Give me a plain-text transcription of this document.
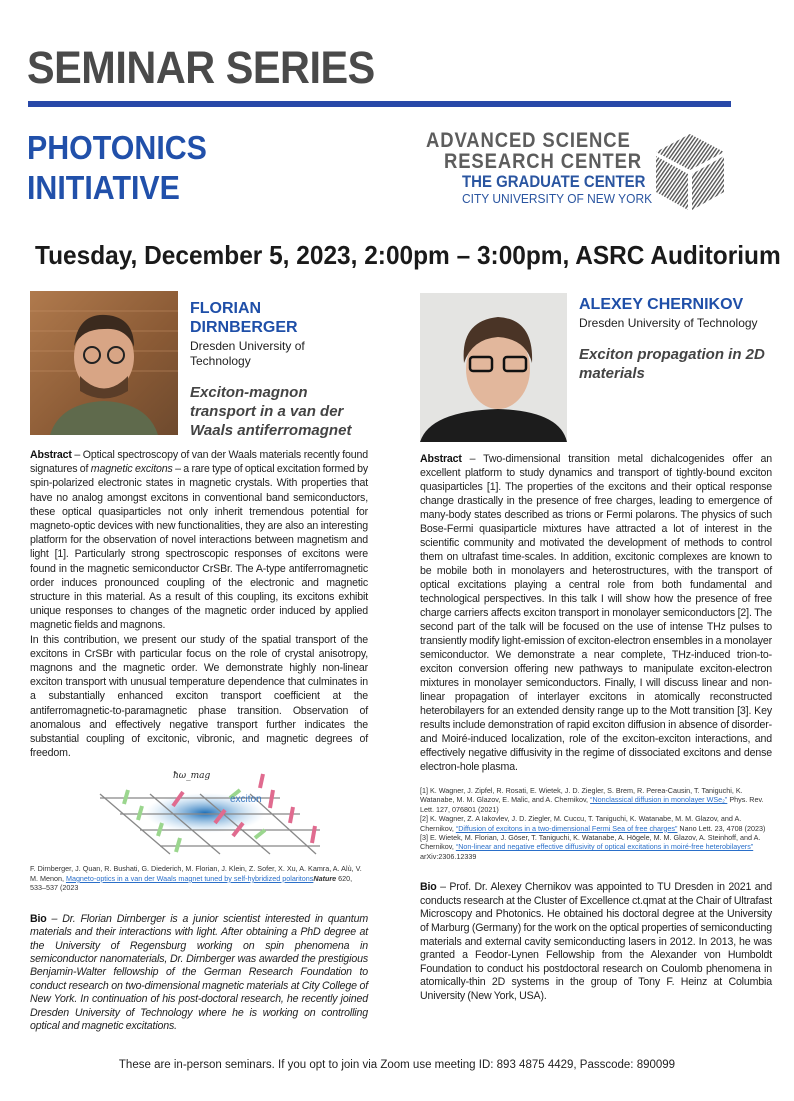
SEMINAR SERIES
PHOTONICS
INITIATIVE
ADVANCED SCIENCE
RESEARCH CENTER
THE GRADUATE CENTER
CITY UNIVERSITY OF NEW YORK
Tuesday, December 5, 2023, 2:00pm – 3:00pm, ASRC Auditorium
FLORIAN DIRNBERGER
Dresden University of Technology
Exciton-magnon transport in a van der Waals antiferromagnet
Abstract – Optical spectroscopy of van der Waals materials recently found signatures of magnetic excitons – a rare type of optical excitation formed by spin-polarized electronic states in magnetic crystals. With properties that have no analog amongst excitons in conventional band semiconductors, these optical quasiparticles not only inherit tremendous potential for magneto-optic devices with new functionalities, they are also an interesting platform for the observation of novel interactions between magnetism and light [1]. Particularly strong spectroscopic responses of excitons were found in the magnetic semiconductor CrSBr. The A-type antiferromagnetic order induces pronounced coupling of the electronic and magnetic structure in this material. As a result of this coupling, its excitons exhibit unique responses to changes of the magnetic order induced by applied magnetic fields and magnons.
In this contribution, we present our study of the spatial transport of the excitons in CrSBr with particular focus on the role of crystal anisotropy, magnons and the magnetic order. We demonstrate highly non-linear exciton transport with unusual temperature dependence that culminates in a substantially enhanced exciton transport coefficient at the antiferromagnetic-to-paramagnetic phase transition. Observation of anomalous and effectively negative transport further indicates the substantial coupling of excitonic, vibronic, and magnetic degrees of freedom.
ħω_mag
exciton
F. Dirnberger, J. Quan, R. Bushati, G. Diederich, M. Florian, J. Klein, Z. Sofer, X. Xu, A. Kamra, A. Alù, V. M. Menon, Magneto-optics in a van der Waals magnet tuned by self-hybridized polaritonsNature 620, 533–537 (2023
Bio – Dr. Florian Dirnberger is a junior scientist interested in quantum materials and their interactions with light. After obtaining a PhD degree at the University of Regensburg working on spin phenomena in semiconductor nanomaterials, Dr. Dirnberger was awarded the prestigious Benjamin-Walter fellowship of the German Research Foundation to conduct research on two-dimensional magnetic materials at City College of New York. In continuation of his post-doctoral research, he recently joined Dresden University of Technology where he is working on controlling optical and magnetic excitations.
ALEXEY CHERNIKOV
Dresden University of Technology
Exciton propagation in 2D materials
Abstract – Two-dimensional transition metal dichalcogenides offer an excellent platform to study dynamics and transport of tightly-bound exciton quasiparticles [1]. The properties of the excitons and their optical response change drastically in the presence of free charges, leading to emergence of many-body states described as trions or Fermi polarons. The physics of such Bose-Fermi quasiparticle mixtures have attracted a lot of interest in the scientific community and motivated the development of methods to control them on ultrafast time-scales. In addition, excitonic complexes are known to be mobile both in monolayers and heterostructures, with the transport of optical excitations playing a central role from both fundamental and technological perspectives. In this talk I will show how the presence of free charge carriers affects exciton transport in monolayer semiconductors [2]. The second part of the talk will be focused on the use of intense THz pulses to transiently modify light-emission of exciton-electron ensembles in a monolayer semiconductor. We demonstrate a near complete, THz-induced trion-to-exciton conversion offering new pathways to manipulate exciton-electron mixtures in monolayer semiconductors. Finally, I will discuss linear and non-linear propagation of interlayer excitons in atomically reconstructed heterobilayers for an extended density range up to the Mott transition [3]. Key results include demonstration of rapid exciton diffusion in absence of disorder- and Moiré-induced localization, role of the exciton-exciton interactions, and effectively negative diffusivity in the regime of dissociated excitons and dense electron-hole plasma.
[1] K. Wagner, J. Zipfel, R. Rosati, E. Wietek, J. D. Ziegler, S. Brem, R. Perea-Causin, T. Taniguchi, K. Watanabe, M. M. Glazov, E. Malic, and A. Chernikov, “Nonclassical diffusion in monolayer WSe₂” Phys. Rev. Lett. 127, 076801 (2021)
[2] K. Wagner, Z. A Iakovlev, J. D. Ziegler, M. Cuccu, T. Taniguchi, K. Watanabe, M. M. Glazov, and A. Chernikov, “Diffusion of excitons in a two-dimensional Fermi Sea of free charges” Nano Lett. 23, 4708 (2023)
[3] E. Wietek, M. Florian, J. Göser, T. Taniguchi, K. Watanabe, A. Högele, M. M. Glazov, A. Steinhoff, and A. Chernikov, “Non-linear and negative effective diffusivity of optical excitations in moiré-free heterobilayers” arXiv:2306.12339
Bio – Prof. Dr. Alexey Chernikov was appointed to TU Dresden in 2021 and conducts research at the Cluster of Excellence ct.qmat at the Chair of Ultrafast Microscopy and Photonics. He obtained his doctoral degree at the University of Marburg (Germany) for the work on the optical properties of semiconducting materials and external cavity semiconducting lasers in 2012. In 2013, he was granted a Feodor-Lynen Fellowship from the Alexander von Humboldt Foundation to conduct his postdoctoral research on Coulomb phenomena in atomically-thin 2D systems in the group of Tony F. Heinz at Columbia University (New York, USA).
These are in-person seminars. If you opt to join via Zoom use meeting ID: 893 4875 4429, Passcode: 890099
